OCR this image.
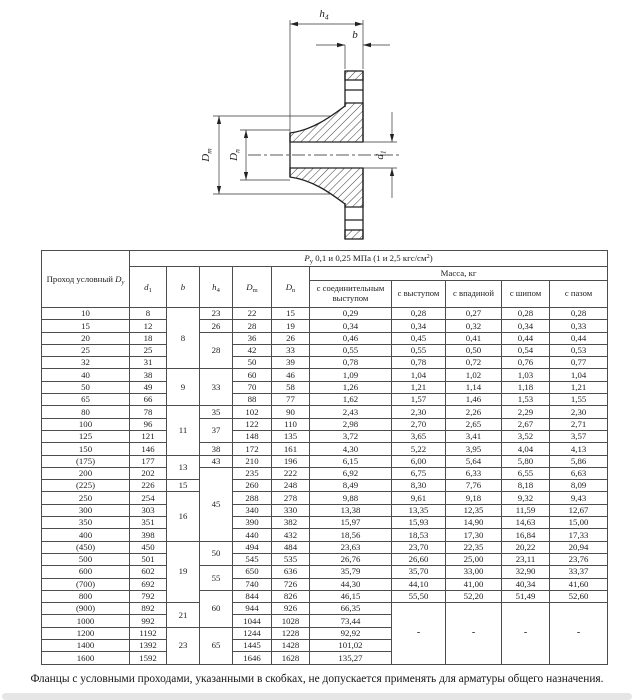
$h_4$
b
$D_m$
$D_n$
$d_1$
Проход условный $D_у$	$P_у$ 0,1 и 0,25 МПа (1 и 2,5 кгс/$см^2$)									
	$d_1$	b	$h_4$	$D_m$	$D_n$	Масса, кг				
						с соединительным выступом	с выступом	с впадиной	с шипом	с пазом
10	8	8	23	22	15	0,29	0,28	0,27	0,28	0,28
15	12		26	28	19	0,34	0,34	0,32	0,34	0,33
20	18		28	36	26	0,46	0,45	0,41	0,44	0,44
25	25			42	33	0,55	0,55	0,50	0,54	0,53
32	31			50	39	0,78	0,78	0,72	0,76	0,77
40	38	9	33	60	46	1,09	1,04	1,02	1,03	1,04
50	49			70	58	1,26	1,21	1,14	1,18	1,21
65	66			88	77	1,62	1,57	1,46	1,53	1,55
80	78	11	35	102	90	2,43	2,30	2,26	2,29	2,30
100	96		37	122	110	2,98	2,70	2,65	2,67	2,71
125	121			148	135	3,72	3,65	3,41	3,52	3,57
150	146		38	172	161	4,30	5,22	3,95	4,04	4,13
(175)	177	13	43	210	196	6,15	6,00	5,64	5,80	5,86
200	202		45	235	222	6,92	6,75	6,33	6,55	6,63
(225)	226	15		260	248	8,49	8,30	7,76	8,18	8,09
250	254	16		288	278	9,88	9,61	9,18	9,32	9,43
300	303			340	330	13,38	13,35	12,35	11,59	12,67
350	351			390	382	15,97	15,93	14,90	14,63	15,00
400	398			440	432	18,56	18,53	17,30	16,84	17,33
(450)	450	19	50	494	484	23,63	23,70	22,35	20,22	20,94
500	501			545	535	26,76	26,60	25,00	23,11	23,76
600	602		55	650	636	35,79	35,70	33,00	32,90	33,37
(700)	692			740	726	44,30	44,10	41,00	40,34	41,60
800	792		60	844	826	46,15	55,50	52,20	51,49	52,60
(900)	892	21		944	926	66,35	-	-	-	-
1000	992			1044	1028	73,44				
1200	1192	23	65	1244	1228	92,92				
1400	1392			1445	1428	101,02				
1600	1592			1646	1628	135,27				
Фланцы с условными проходами, указанными в скобках, не допускается применять для арматуры общего назначения.
